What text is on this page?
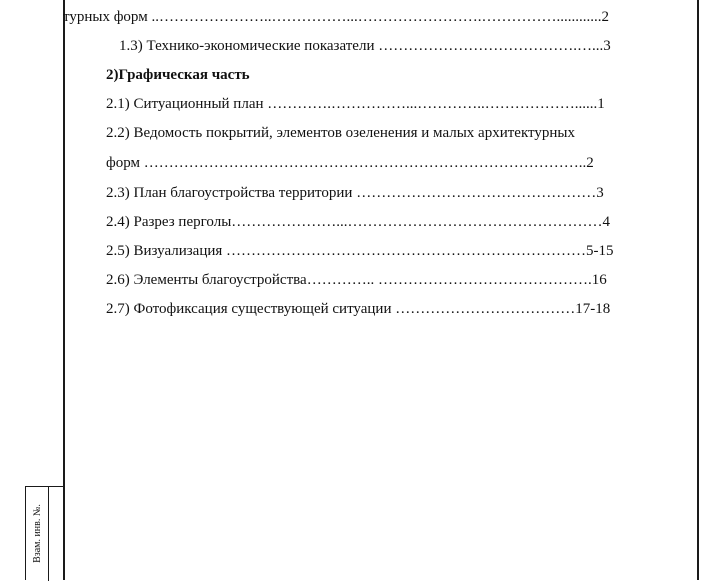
турных форм ..…………………..……………...…………………….……………............2
1.3) Технико-экономические показатели ………………………………….…...3
2)Графическая часть
2.1) Ситуационный план ………….……………...…………..………………......1
2.2) Ведомость покрытий, элементов озеленения и малых архитектурных
форм ……………………………………………………………………………..2
2.3) План благоустройства территории …………………………………………3
2.4) Разрез перголы…………………...……………………………………………4
2.5) Визуализация ………………………………………………………………5-15
2.6) Элементы благоустройства………….. …………………………………….16
2.7) Фотофиксация существующей ситуации ………………………………17-18
Взам. инв. №.
